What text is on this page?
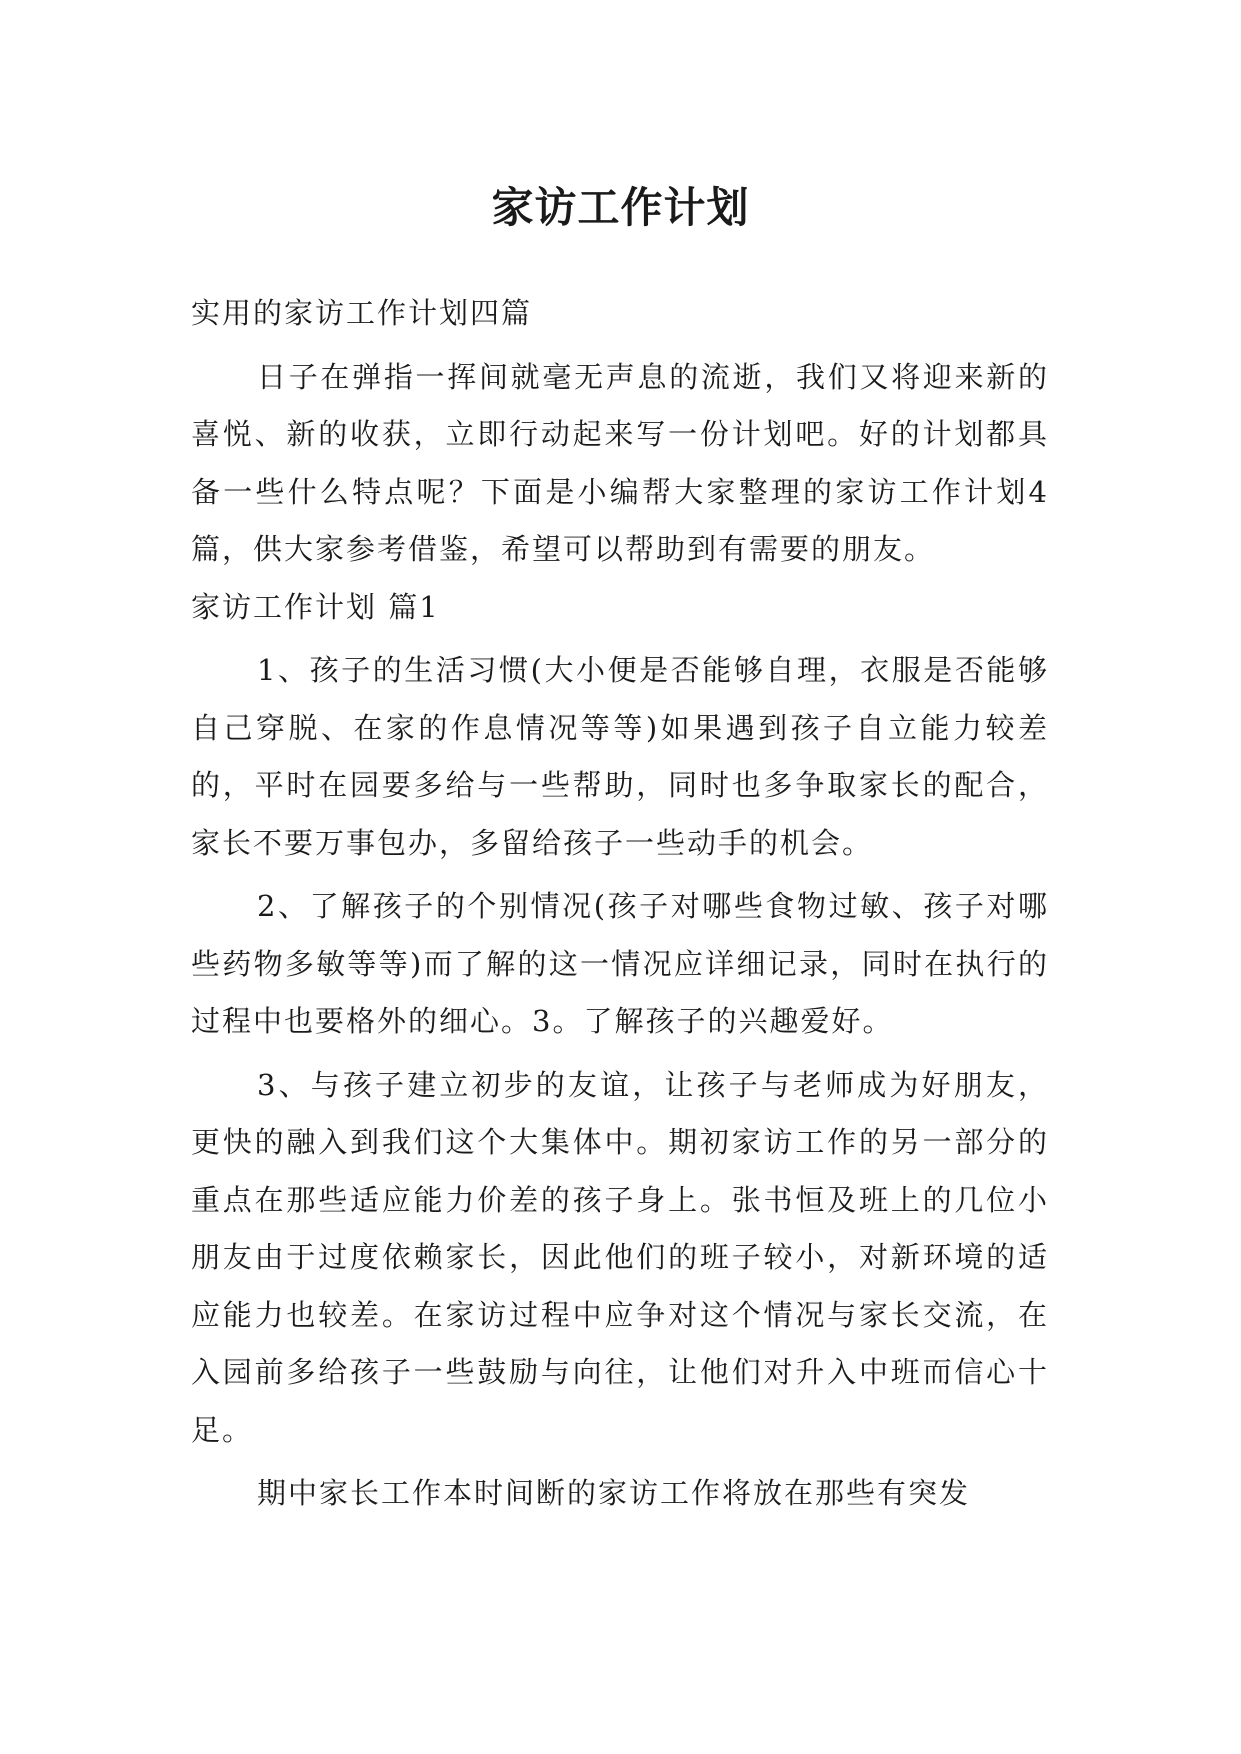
家访工作计划

实用的家访工作计划四篇

日子在弹指一挥间就毫无声息的流逝，我们又将迎来新的喜悦、新的收获，立即行动起来写一份计划吧。好的计划都具备一些什么特点呢？下面是小编帮大家整理的家访工作计划4篇，供大家参考借鉴，希望可以帮助到有需要的朋友。

家访工作计划 篇1

1、孩子的生活习惯(大小便是否能够自理，衣服是否能够自己穿脱、在家的作息情况等等)如果遇到孩子自立能力较差的，平时在园要多给与一些帮助，同时也多争取家长的配合，家长不要万事包办，多留给孩子一些动手的机会。

2、了解孩子的个别情况(孩子对哪些食物过敏、孩子对哪些药物多敏等等)而了解的这一情况应详细记录，同时在执行的过程中也要格外的细心。3。了解孩子的兴趣爱好。

3、与孩子建立初步的友谊，让孩子与老师成为好朋友，更快的融入到我们这个大集体中。期初家访工作的另一部分的重点在那些适应能力价差的孩子身上。张书恒及班上的几位小朋友由于过度依赖家长，因此他们的班子较小，对新环境的适应能力也较差。在家访过程中应争对这个情况与家长交流，在入园前多给孩子一些鼓励与向往，让他们对升入中班而信心十足。

期中家长工作本时间断的家访工作将放在那些有突发
